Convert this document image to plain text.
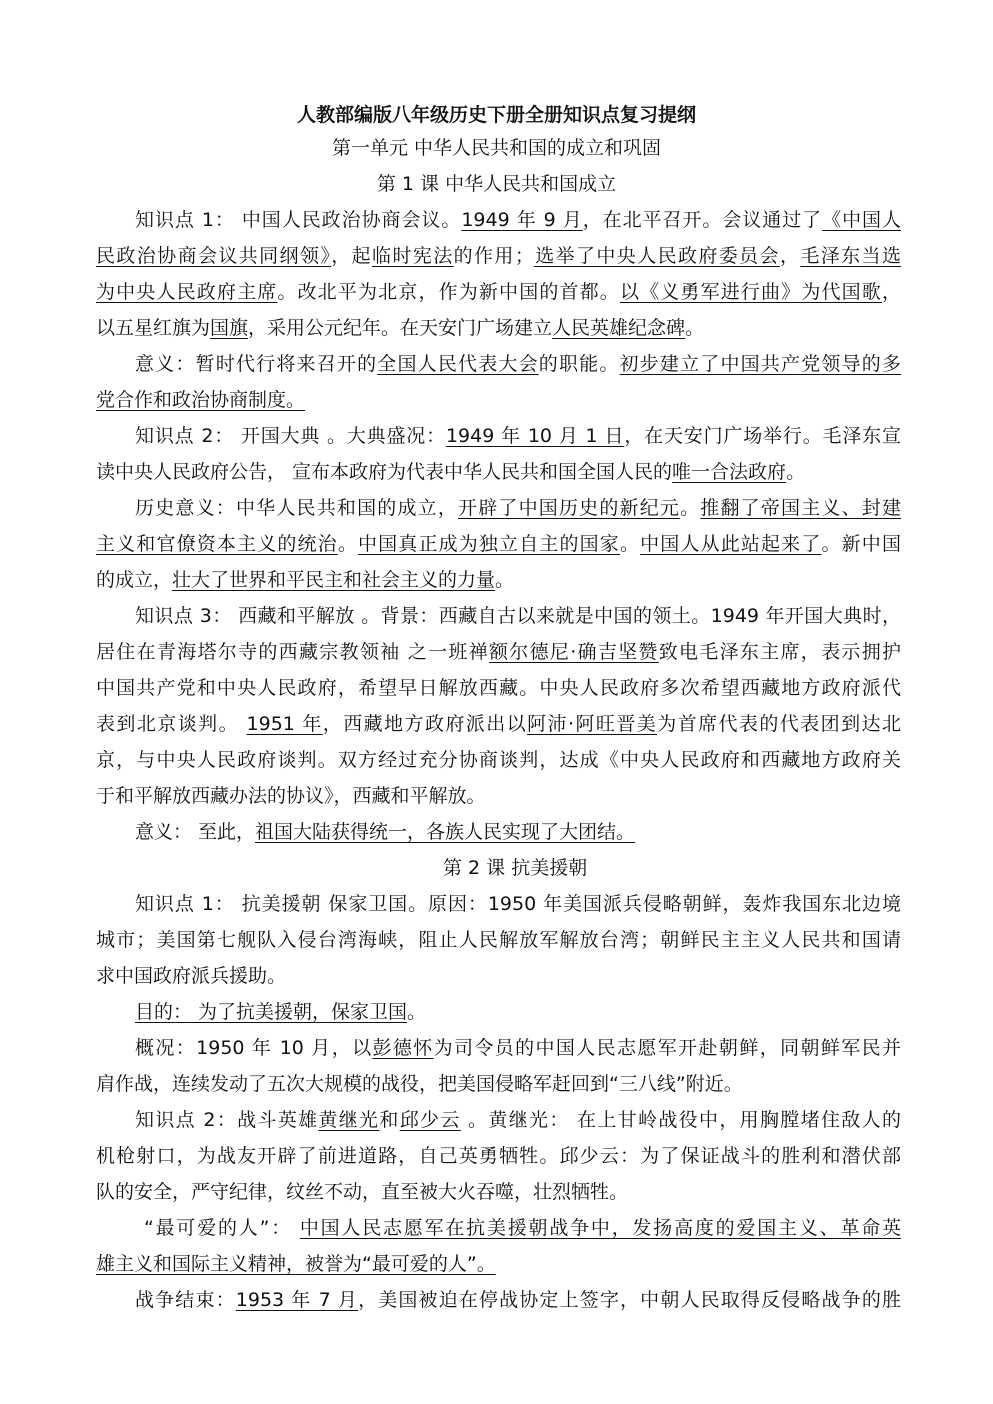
人教部编版八年级历史下册全册知识点复习提纲
第一单元 中华人民共和国的成立和巩固
第 1 课 中华人民共和国成立
知识点 1： 中国人民政治协商会议。1949 年 9 月，在北平召开。会议通过了《中国人
民政治协商会议共同纲领》，起临时宪法的作用；选举了中央人民政府委员会，毛泽东当选
为中央人民政府主席。改北平为北京，作为新中国的首都。以《义勇军进行曲》为代国歌，
以五星红旗为国旗，采用公元纪年。在天安门广场建立人民英雄纪念碑。
意义：暂时代行将来召开的全国人民代表大会的职能。初步建立了中国共产党领导的多
党合作和政治协商制度。
知识点 2： 开国大典 。大典盛况：1949 年 10 月 1 日，在天安门广场举行。毛泽东宣
读中央人民政府公告， 宣布本政府为代表中华人民共和国全国人民的唯一合法政府。
历史意义：中华人民共和国的成立，开辟了中国历史的新纪元。推翻了帝国主义、封建
主义和官僚资本主义的统治。中国真正成为独立自主的国家。中国人从此站起来了。新中国
的成立，壮大了世界和平民主和社会主义的力量。
知识点 3： 西藏和平解放 。背景：西藏自古以来就是中国的领土。1949 年开国大典时，
居住在青海塔尔寺的西藏宗教领袖 之一班禅额尔德尼·确吉坚赞致电毛泽东主席，表示拥护
中国共产党和中央人民政府，希望早日解放西藏。中央人民政府多次希望西藏地方政府派代
表到北京谈判。 1951 年，西藏地方政府派出以阿沛·阿旺晋美为首席代表的代表团到达北
京，与中央人民政府谈判。双方经过充分协商谈判，达成《中央人民政府和西藏地方政府关
于和平解放西藏办法的协议》，西藏和平解放。
意义： 至此，祖国大陆获得统一，各族人民实现了大团结。
第 2 课 抗美援朝
知识点 1： 抗美援朝 保家卫国。原因：1950 年美国派兵侵略朝鲜，轰炸我国东北边境
城市；美国第七舰队入侵台湾海峡，阻止人民解放军解放台湾；朝鲜民主主义人民共和国请
求中国政府派兵援助。
目的： 为了抗美援朝，保家卫国。
概况：1950 年 10 月，以彭德怀为司令员的中国人民志愿军开赴朝鲜，同朝鲜军民并
肩作战，连续发动了五次大规模的战役，把美国侵略军赶回到“三八线”附近。
知识点 2：战斗英雄黄继光和邱少云 。黄继光： 在上甘岭战役中，用胸膛堵住敌人的
机枪射口，为战友开辟了前进道路，自己英勇牺牲。邱少云：为了保证战斗的胜利和潜伏部
队的安全，严守纪律，纹丝不动，直至被大火吞噬，壮烈牺牲。
“最可爱的人”： 中国人民志愿军在抗美援朝战争中，发扬高度的爱国主义、革命英
雄主义和国际主义精神，被誉为“最可爱的人”。
战争结束：1953 年 7 月，美国被迫在停战协定上签字，中朝人民取得反侵略战争的胜
